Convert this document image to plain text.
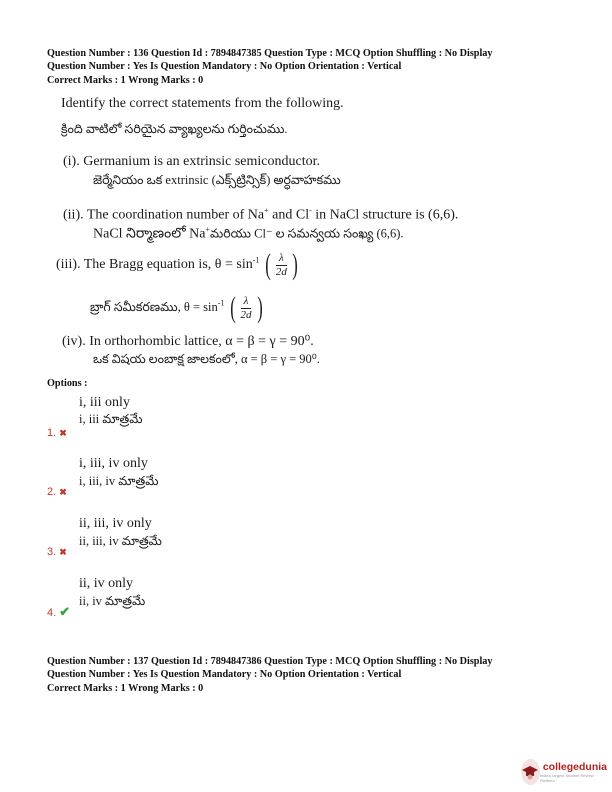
Question Number : 136 Question Id : 7894847385 Question Type : MCQ Option Shuffling : No Display
Question Number : Yes Is Question Mandatory : No Option Orientation : Vertical
Correct Marks : 1 Wrong Marks : 0
Identify the correct statements from the following.
క్రింది వాటిలో సరియైన వ్యాఖ్యలను గుర్తించుము.
(i). Germanium is an extrinsic semiconductor.
జెర్మేనియం ఒక extrinsic (ఎక్స్‌ట్రిన్సిక్) అర్ధవాహకము
(ii). The coordination number of Na+ and Cl- in NaCl structure is (6,6).
NaCl నిర్మాణంలో Na+మరియు Cl⁻ ల సమన్వయ సంఖ్య (6,6).
(iii). The Bragg equation is, $\theta = \sin^{-1}$ ( $\frac{\lambda}{2d}$ )
బ్రాగ్ సమీకరణము, $\theta = \sin^{-1}$ ( $\frac{\lambda}{2d}$ )
(iv). In orthorhombic lattice, α = β = γ = 90⁰.
ఒక విషయ లంబాక్ష జాలకంలో, α = β = γ = 90⁰.
Options :
i, iii only
i, iii మాత్రమే
1. ✖
i, iii, iv only
i, iii, iv మాత్రమే
2. ✖
ii, iii, iv only
ii, iii, iv మాత్రమే
3. ✖
ii, iv only
ii, iv మాత్రమే
4. ✔
Question Number : 137 Question Id : 7894847386 Question Type : MCQ Option Shuffling : No Display
Question Number : Yes Is Question Mandatory : No Option Orientation : Vertical
Correct Marks : 1 Wrong Marks : 0
collegedunia
India's largest Student Review Platform
